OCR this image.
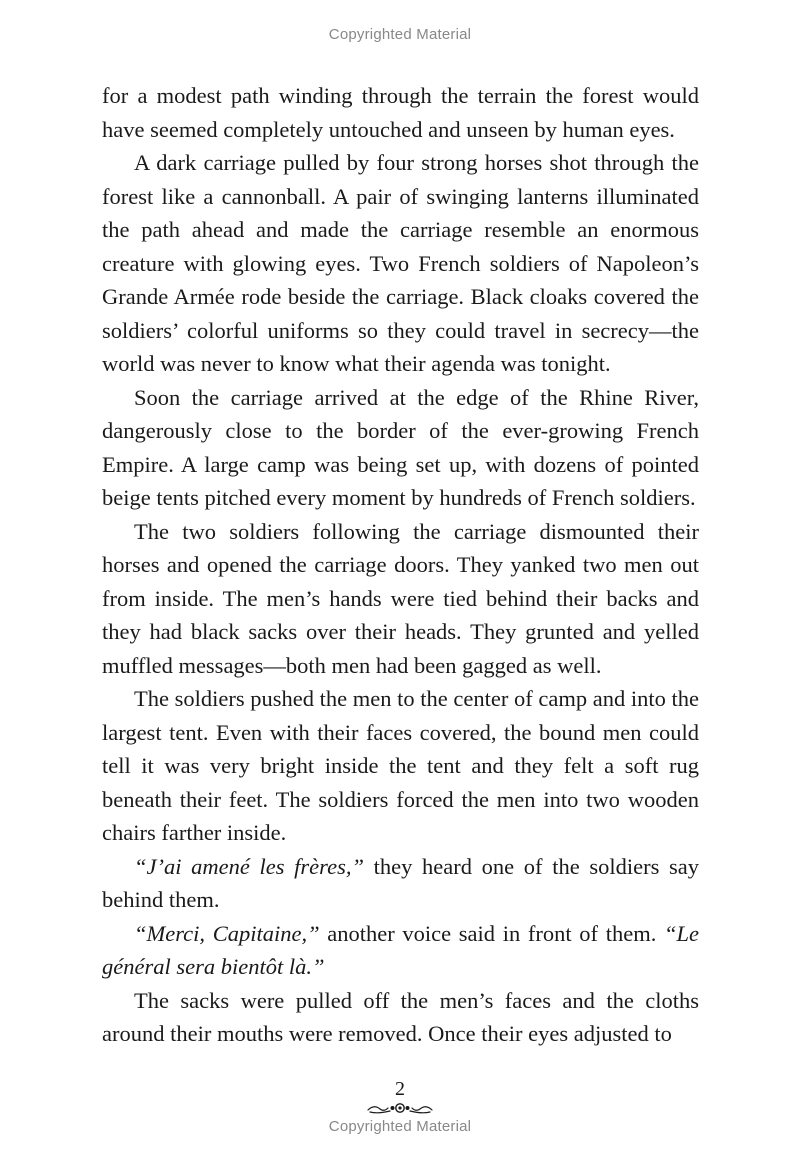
Copyrighted Material

for a modest path winding through the terrain the forest would have seemed completely untouched and unseen by human eyes.

A dark carriage pulled by four strong horses shot through the forest like a cannonball. A pair of swinging lanterns illuminated the path ahead and made the carriage resemble an enormous creature with glowing eyes. Two French soldiers of Napoleon’s Grande Armée rode beside the carriage. Black cloaks covered the soldiers’ colorful uniforms so they could travel in secrecy—the world was never to know what their agenda was tonight.

Soon the carriage arrived at the edge of the Rhine River, dangerously close to the border of the ever-growing French Empire. A large camp was being set up, with dozens of pointed beige tents pitched every moment by hundreds of French soldiers.

The two soldiers following the carriage dismounted their horses and opened the carriage doors. They yanked two men out from inside. The men’s hands were tied behind their backs and they had black sacks over their heads. They grunted and yelled muffled messages—both men had been gagged as well.

The soldiers pushed the men to the center of camp and into the largest tent. Even with their faces covered, the bound men could tell it was very bright inside the tent and they felt a soft rug beneath their feet. The soldiers forced the men into two wooden chairs farther inside.

“J’ai amené les frères,” they heard one of the soldiers say behind them.

“Merci, Capitaine,” another voice said in front of them. “Le général sera bientôt là.”

The sacks were pulled off the men’s faces and the cloths around their mouths were removed. Once their eyes adjusted to

2
Copyrighted Material
